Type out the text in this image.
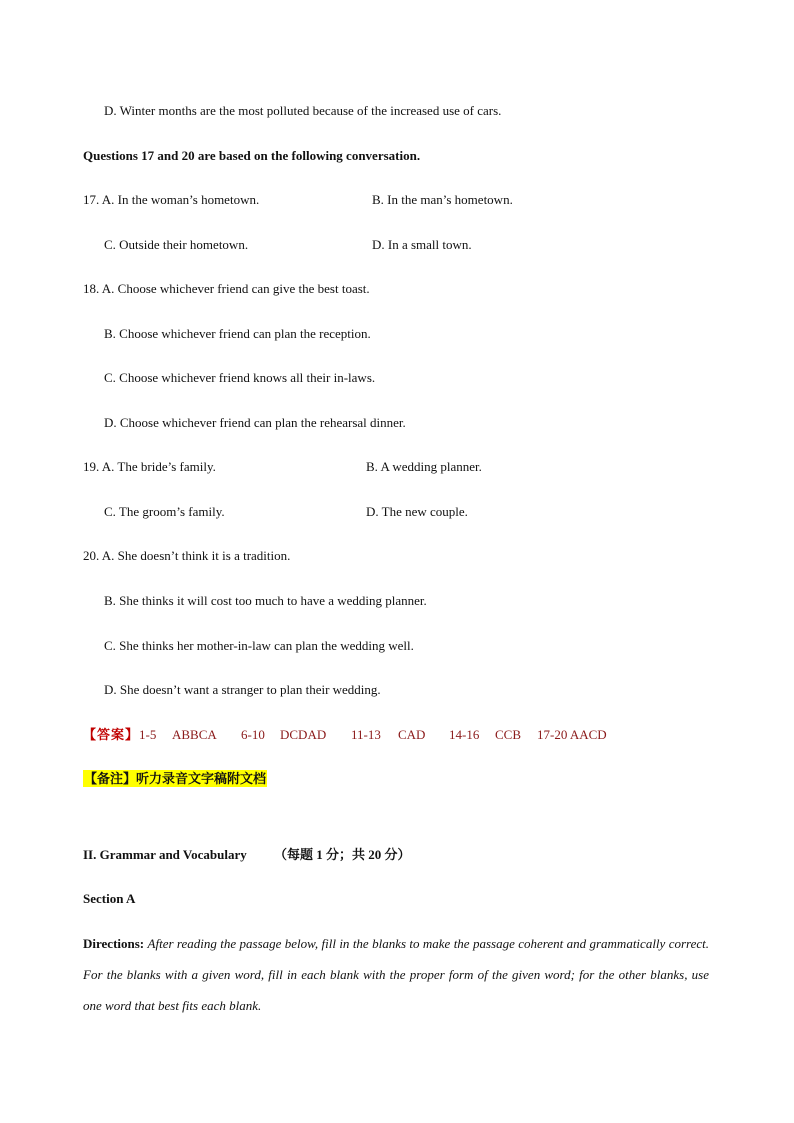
D. Winter months are the most polluted because of the increased use of cars.
Questions 17 and 20 are based on the following conversation.
17. A. In the woman’s hometown.	B. In the man’s hometown.
C. Outside their hometown.	D. In a small town.
18. A. Choose whichever friend can give the best toast.
B. Choose whichever friend can plan the reception.
C. Choose whichever friend knows all their in-laws.
D. Choose whichever friend can plan the rehearsal dinner.
19. A. The bride’s family.	B. A wedding planner.
C. The groom’s family.	D. The new couple.
20. A. She doesn’t think it is a tradition.
B. She thinks it will cost too much to have a wedding planner.
C. She thinks her mother-in-law can plan the wedding well.
D. She doesn’t want a stranger to plan their wedding.
【答案】 1-5 ABBCA 6-10 DCDAD 11-13 CAD 14-16 CCB 17-20 AACD
【备注】听力录音文字稿附文档
II. Grammar and Vocabulary （每题 1 分；共 20 分）
Section A
Directions: After reading the passage below, fill in the blanks to make the passage coherent and grammatically correct. For the blanks with a given word, fill in each blank with the proper form of the given word; for the other blanks, use one word that best fits each blank.
